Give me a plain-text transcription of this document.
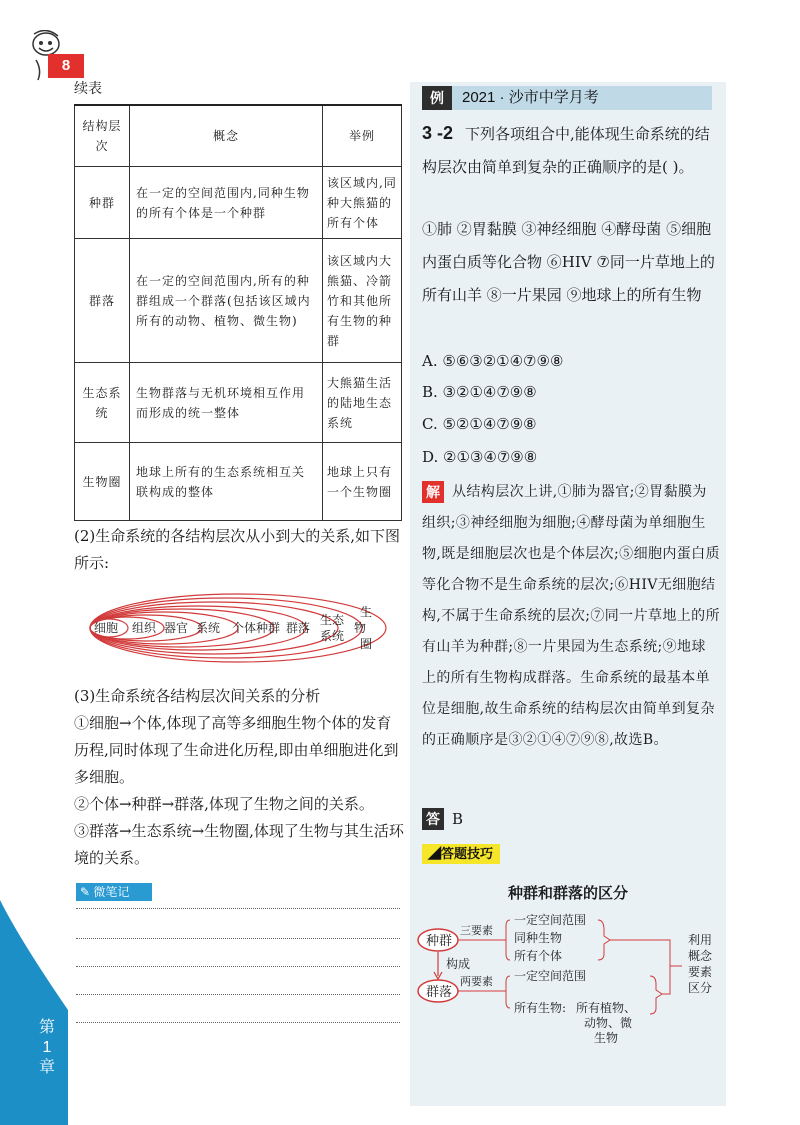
8
续表
结构层次	概念	举例
种群	在一定的空间范围内,同种生物的所有个体是一个种群	该区域内,同种大熊猫的所有个体
群落	在一定的空间范围内,所有的种群组成一个群落(包括该区域内所有的动物、植物、微生物)	该区域内大熊猫、冷箭竹和其他所有生物的种群
生态系统	生物群落与无机环境相互作用而形成的统一整体	大熊猫生活的陆地生态系统
生物圈	地球上所有的生态系统相互关联构成的整体	地球上只有一个生物圈
(2)生命系统的各结构层次从小到大的关系,如下图所示:
细胞 组织 器官 系统 个体 种群 群落
生态
系统
生
物
圈
(3)生命系统各结构层次间关系的分析
①细胞→个体,体现了高等多细胞生物个体的发育历程,同时体现了生命进化历程,即由单细胞进化到多细胞。
②个体→种群→群落,体现了生物之间的关系。
③群落→生态系统→生物圈,体现了生物与其生活环境的关系。
✎ 微笔记
第1章
例	2021 · 沙市中学月考
3 -2 下列各项组合中,能体现生命系统的结构层次由简单到复杂的正确顺序的是( )。
①肺 ②胃黏膜 ③神经细胞 ④酵母菌 ⑤细胞内蛋白质等化合物 ⑥HIV ⑦同一片草地上的所有山羊 ⑧一片果园 ⑨地球上的所有生物
A. ⑤⑥③②①④⑦⑨⑧
B. ③②①④⑦⑨⑧
C. ⑤②①④⑦⑨⑧
D. ②①③④⑦⑨⑧
从结构层次上讲,①肺为器官;②胃黏膜为组织;③神经细胞为细胞;④酵母菌为单细胞生物,既是细胞层次也是个体层次;⑤细胞内蛋白质等化合物不是生命系统的层次;⑥HIV无细胞结构,不属于生命系统的层次;⑦同一片草地上的所有山羊为种群;⑧一片果园为生态系统;⑨地球上的所有生物构成群落。生命系统的最基本单位是细胞,故生命系统的结构层次由简单到复杂的正确顺序是③②①④⑦⑨⑧,故选B。
解
答 B
◢答题技巧
种群和群落的区分
种群
群落
构成
三要素
一定空间范围
同种生物
所有个体
两要素 一定空间范围
所有生物: 所有植物、
动物、微
生物
利用
概念
要素
区分
